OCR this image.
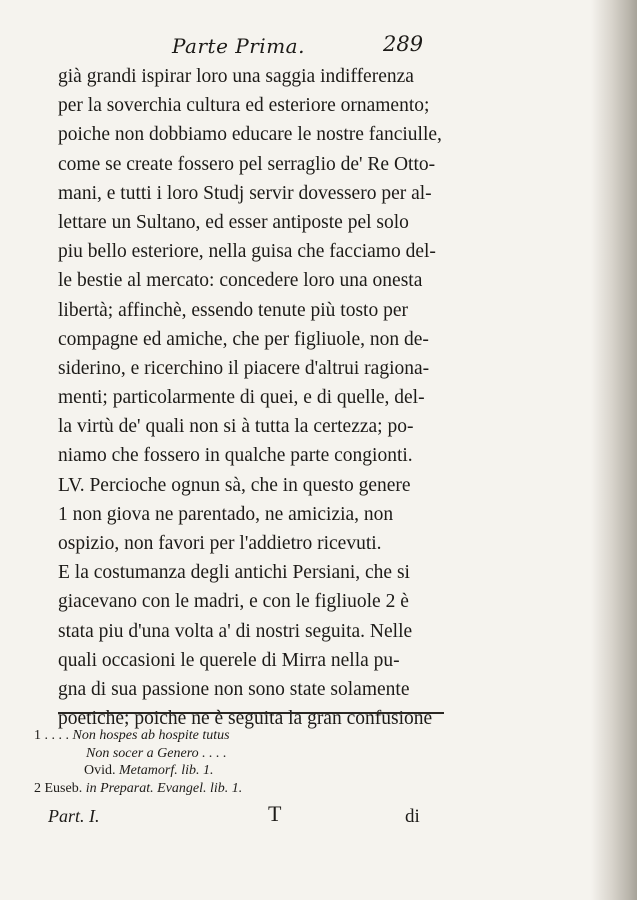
Parte Prima.	289
già grandi ispirar loro una saggia indifferenza
per la soverchia cultura ed esteriore ornamento;
poiche non dobbiamo educare le nostre fanciulle,
come se create fossero pel serraglio de' Re Otto-
mani, e tutti i loro Studj servir dovessero per al-
lettare un Sultano, ed esser antiposte pel solo
piu bello esteriore, nella guisa che facciamo del-
le bestie al mercato: concedere loro una onesta
libertà; affinchè, essendo tenute più tosto per
compagne ed amiche, che per figliuole, non de-
siderino, e ricerchino il piacere d'altrui ragiona-
menti; particolarmente di quei, e di quelle, del-
la virtù de' quali non si à tutta la certezza; po-
niamo che fossero in qualche parte congionti.
LV. Percioche ognun sà, che in questo genere
1 non giova ne parentado, ne amicizia, non
ospizio, non favori per l'addietro ricevuti.
E la costumanza degli antichi Persiani, che si
giacevano con le madri, e con le figliuole 2 è
stata piu d'una volta a' di nostri seguita. Nelle
quali occasioni le querele di Mirra nella pu-
gna di sua passione non sono state solamente
poetiche; poiche ne è seguita la gran confusione
1 . . . . Non hospes ab hospite tutus
Non socer a Genero . . . .
Ovid. Metamorf. lib. 1.
2 Euseb. in Preparat. Evangel. lib. 1.
Part. I.	T	di
